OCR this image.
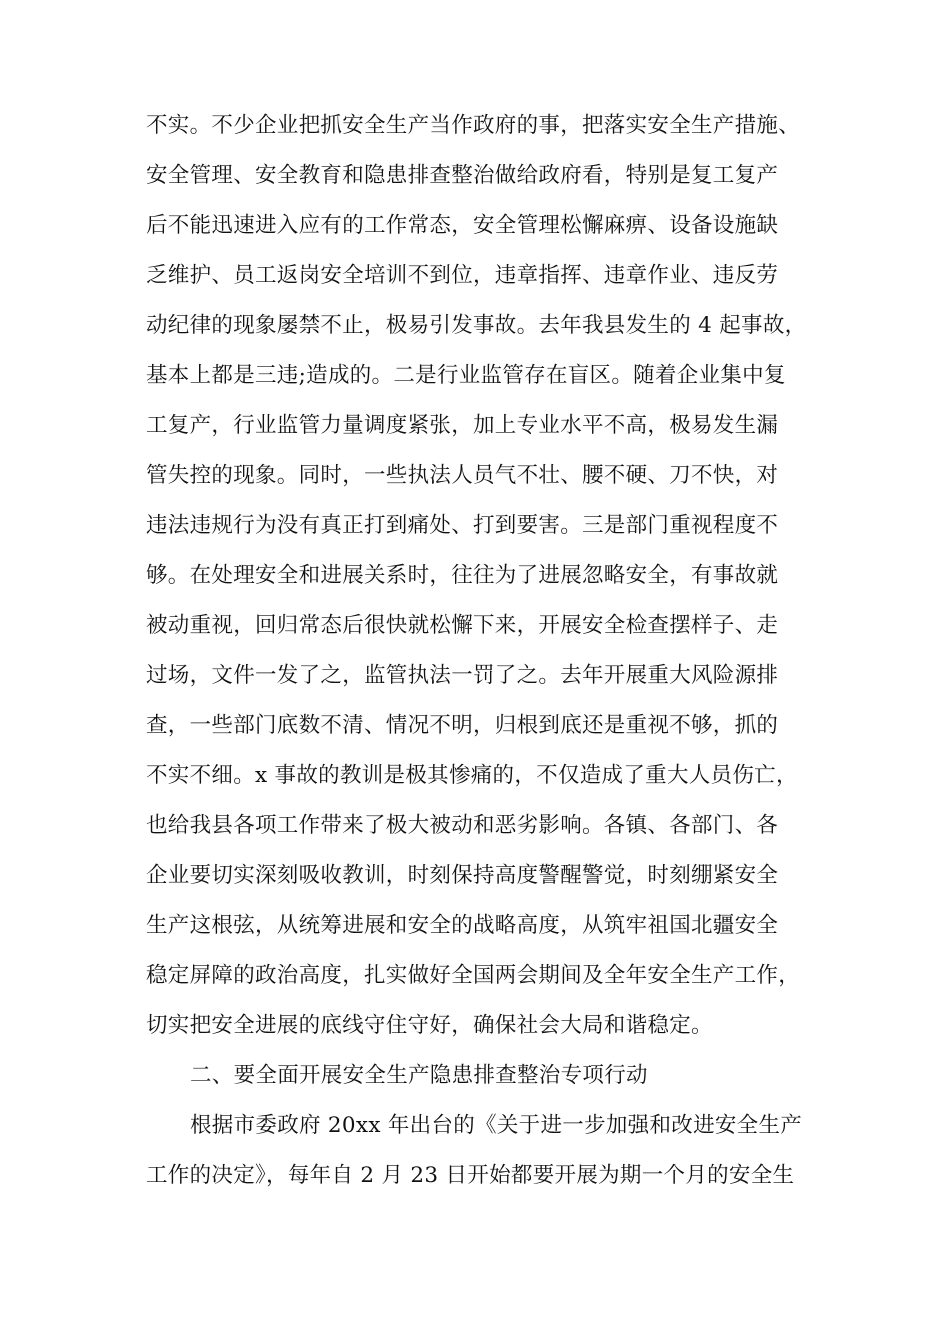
不实。不少企业把抓安全生产当作政府的事，把落实安全生产措施、
安全管理、安全教育和隐患排查整治做给政府看，特别是复工复产
后不能迅速进入应有的工作常态，安全管理松懈麻痹、设备设施缺
乏维护、员工返岗安全培训不到位，违章指挥、违章作业、违反劳
动纪律的现象屡禁不止，极易引发事故。去年我县发生的 4 起事故，
基本上都是三违;造成的。二是行业监管存在盲区。随着企业集中复
工复产，行业监管力量调度紧张，加上专业水平不高，极易发生漏
管失控的现象。同时，一些执法人员气不壮、腰不硬、刀不快，对
违法违规行为没有真正打到痛处、打到要害。三是部门重视程度不
够。在处理安全和进展关系时，往往为了进展忽略安全，有事故就
被动重视，回归常态后很快就松懈下来，开展安全检查摆样子、走
过场，文件一发了之，监管执法一罚了之。去年开展重大风险源排
查，一些部门底数不清、情况不明，归根到底还是重视不够，抓的
不实不细。x 事故的教训是极其惨痛的，不仅造成了重大人员伤亡，
也给我县各项工作带来了极大被动和恶劣影响。各镇、各部门、各
企业要切实深刻吸收教训，时刻保持高度警醒警觉，时刻绷紧安全
生产这根弦，从统筹进展和安全的战略高度，从筑牢祖国北疆安全
稳定屏障的政治高度，扎实做好全国两会期间及全年安全生产工作，
切实把安全进展的底线守住守好，确保社会大局和谐稳定。
二、要全面开展安全生产隐患排查整治专项行动
根据市委政府 20xx 年出台的《关于进一步加强和改进安全生产
工作的决定》，每年自 2 月 23 日开始都要开展为期一个月的安全生
